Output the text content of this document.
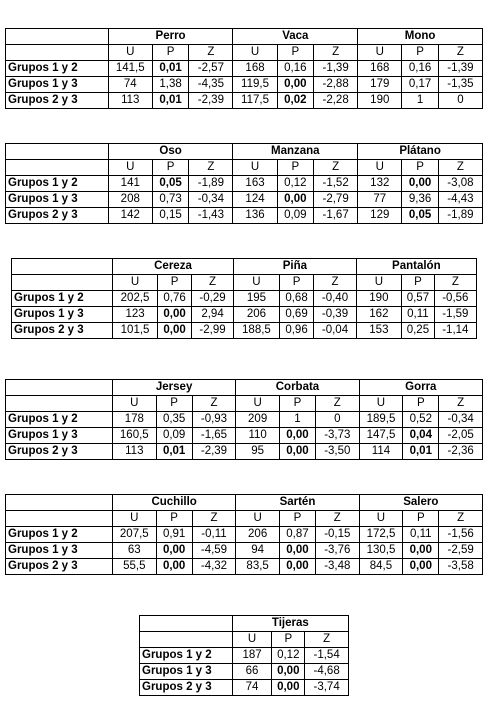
	Perro			Vaca			Mono		
	U	P	Z	U	P	Z	U	P	Z
Grupos 1 y 2	141,5	0,01	-2,57	168	0,16	-1,39	168	0,16	-1,39
Grupos 1 y 3	74	1,38	-4,35	119,5	0,00	-2,88	179	0,17	-1,35
Grupos 2 y 3	113	0,01	-2,39	117,5	0,02	-2,28	190	1	0
	Oso			Manzana			Plátano		
	U	P	Z	U	P	Z	U	P	Z
Grupos 1 y 2	141	0,05	-1,89	163	0,12	-1,52	132	0,00	-3,08
Grupos 1 y 3	208	0,73	-0,34	124	0,00	-2,79	77	9,36	-4,43
Grupos 2 y 3	142	0,15	-1,43	136	0,09	-1,67	129	0,05	-1,89
	Cereza			Piña			Pantalón		
	U	P	Z	U	P	Z	U	P	Z
Grupos 1 y 2	202,5	0,76	-0,29	195	0,68	-0,40	190	0,57	-0,56
Grupos 1 y 3	123	0,00	2,94	206	0,69	-0,39	162	0,11	-1,59
Grupos 2 y 3	101,5	0,00	-2,99	188,5	0,96	-0,04	153	0,25	-1,14
	Jersey			Corbata			Gorra		
	U	P	Z	U	P	Z	U	P	Z
Grupos 1 y 2	178	0,35	-0,93	209	1	0	189,5	0,52	-0,34
Grupos 1 y 3	160,5	0,09	-1,65	110	0,00	-3,73	147,5	0,04	-2,05
Grupos 2 y 3	113	0,01	-2,39	95	0,00	-3,50	114	0,01	-2,36
	Cuchillo			Sartén			Salero		
	U	P	Z	U	P	Z	U	P	Z
Grupos 1 y 2	207,5	0,91	-0,11	206	0,87	-0,15	172,5	0,11	-1,56
Grupos 1 y 3	63	0,00	-4,59	94	0,00	-3,76	130,5	0,00	-2,59
Grupos 2 y 3	55,5	0,00	-4,32	83,5	0,00	-3,48	84,5	0,00	-3,58
	Tijeras		
	U	P	Z
Grupos 1 y 2	187	0,12	-1,54
Grupos 1 y 3	66	0,00	-4,68
Grupos 2 y 3	74	0,00	-3,74
